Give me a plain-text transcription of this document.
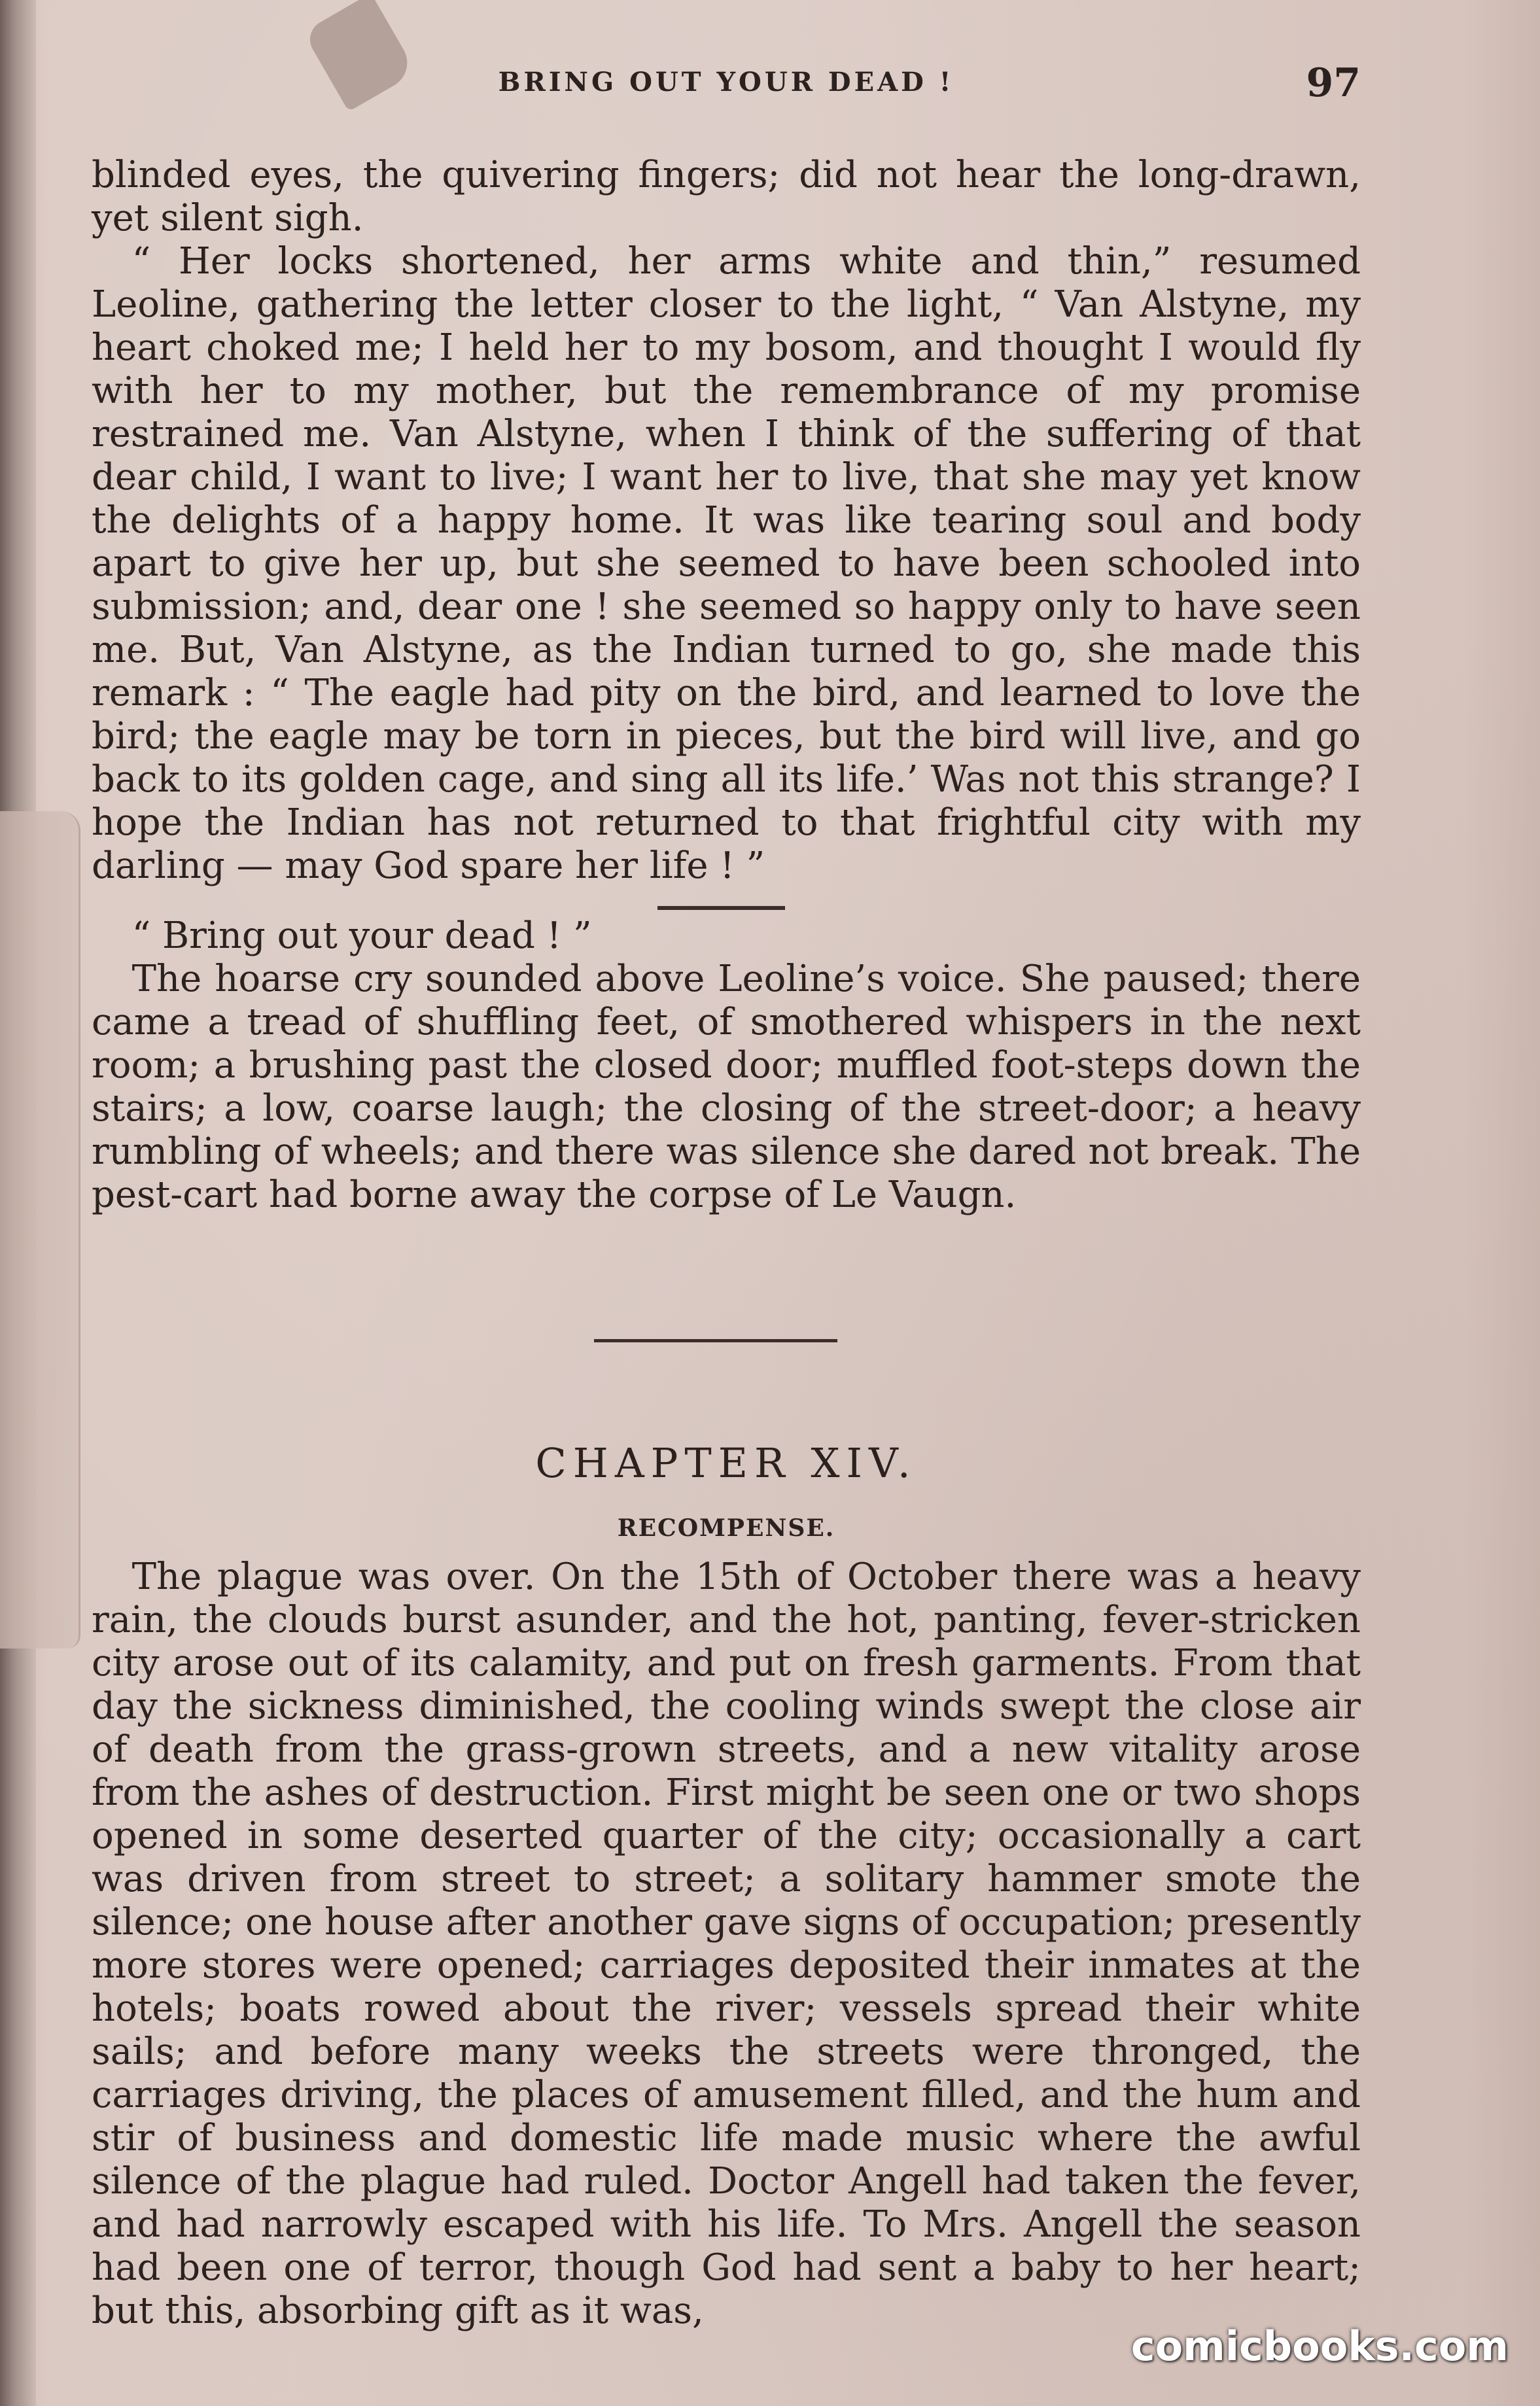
BRING OUT YOUR DEAD !	97

blinded eyes, the quivering fingers; did not hear the long-drawn, yet silent sigh.

“ Her locks shortened, her arms white and thin,” resumed Leoline, gathering the letter closer to the light, “ Van Alstyne, my heart choked me; I held her to my bosom, and thought I would fly with her to my mother, but the remembrance of my promise restrained me. Van Alstyne, when I think of the suffering of that dear child, I want to live; I want her to live, that she may yet know the delights of a happy home. It was like tearing soul and body apart to give her up, but she seemed to have been schooled into submission; and, dear one ! she seemed so happy only to have seen me. But, Van Alstyne, as the Indian turned to go, she made this remark : “ The eagle had pity on the bird, and learned to love the bird; the eagle may be torn in pieces, but the bird will live, and go back to its golden cage, and sing all its life.’ Was not this strange? I hope the Indian has not returned to that frightful city with my darling — may God spare her life ! ”

“ Bring out your dead ! ”

The hoarse cry sounded above Leoline’s voice. She paused; there came a tread of shuffling feet, of smothered whispers in the next room; a brushing past the closed door; muffled foot-steps down the stairs; a low, coarse laugh; the closing of the street-door; a heavy rumbling of wheels; and there was silence she dared not break. The pest-cart had borne away the corpse of Le Vaugn.

CHAPTER XIV.
RECOMPENSE.

The plague was over. On the 15th of October there was a heavy rain, the clouds burst asunder, and the hot, panting, fever-stricken city arose out of its calamity, and put on fresh garments. From that day the sickness diminished, the cooling winds swept the close air of death from the grass-grown streets, and a new vitality arose from the ashes of destruction. First might be seen one or two shops opened in some deserted quarter of the city; occasionally a cart was driven from street to street; a solitary hammer smote the silence; one house after another gave signs of occupation; presently more stores were opened; carriages deposited their inmates at the hotels; boats rowed about the river; vessels spread their white sails; and before many weeks the streets were thronged, the carriages driving, the places of amusement filled, and the hum and stir of business and domestic life made music where the awful silence of the plague had ruled. Doctor Angell had taken the fever, and had narrowly escaped with his life. To Mrs. Angell the season had been one of terror, though God had sent a baby to her heart; but this, absorbing gift as it was,

comicbooks.com
